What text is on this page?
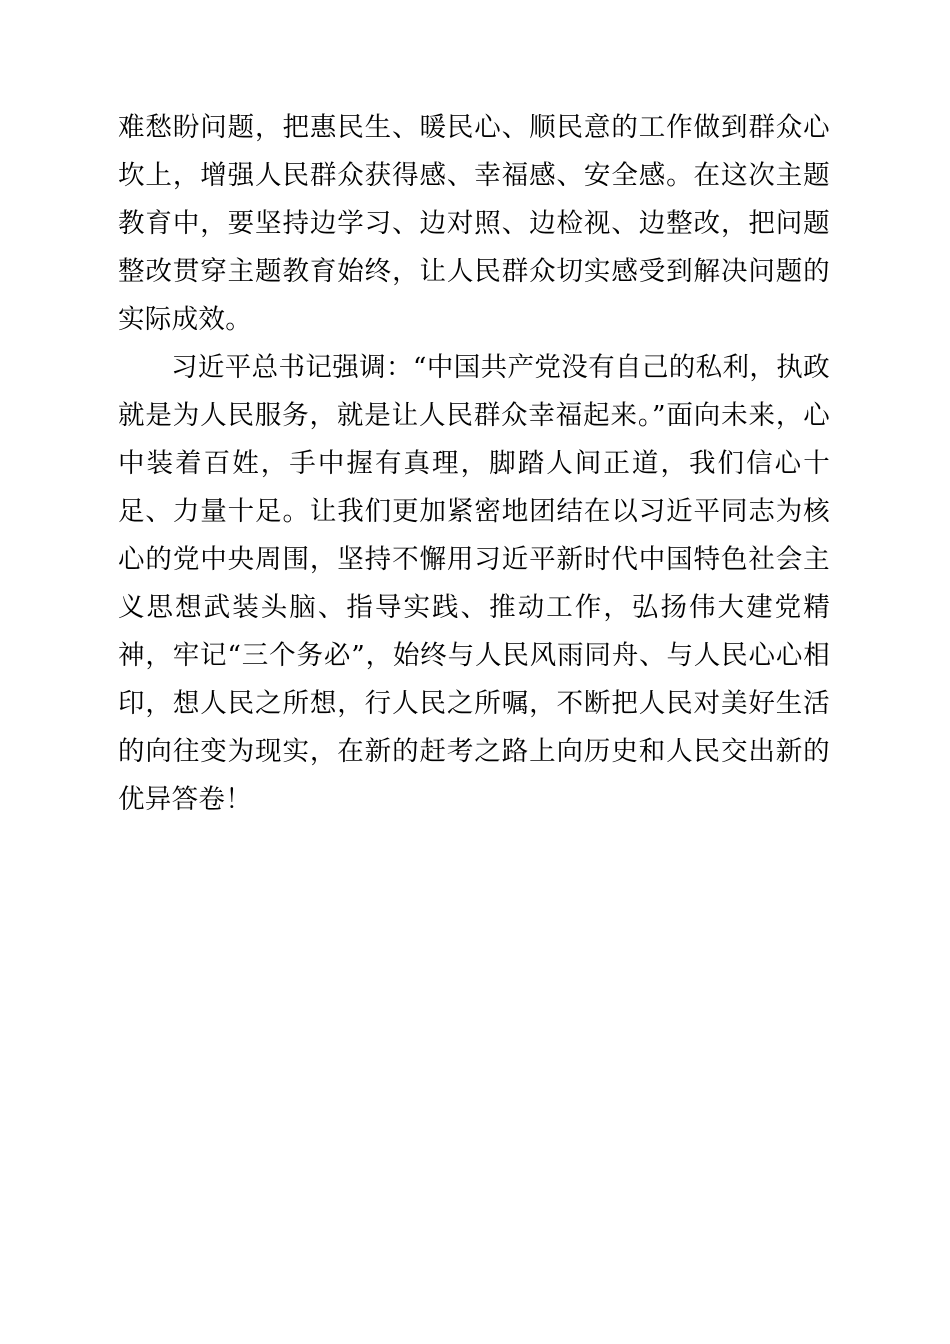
难愁盼问题，把惠民生、暖民心、顺民意的工作做到群众心坎上，增强人民群众获得感、幸福感、安全感。在这次主题教育中，要坚持边学习、边对照、边检视、边整改，把问题整改贯穿主题教育始终，让人民群众切实感受到解决问题的实际成效。

习近平总书记强调：“中国共产党没有自己的私利，执政就是为人民服务，就是让人民群众幸福起来。”面向未来，心中装着百姓，手中握有真理，脚踏人间正道，我们信心十足、力量十足。让我们更加紧密地团结在以习近平同志为核心的党中央周围，坚持不懈用习近平新时代中国特色社会主义思想武装头脑、指导实践、推动工作，弘扬伟大建党精神，牢记“三个务必”，始终与人民风雨同舟、与人民心心相印，想人民之所想，行人民之所嘱，不断把人民对美好生活的向往变为现实，在新的赶考之路上向历史和人民交出新的优异答卷！
